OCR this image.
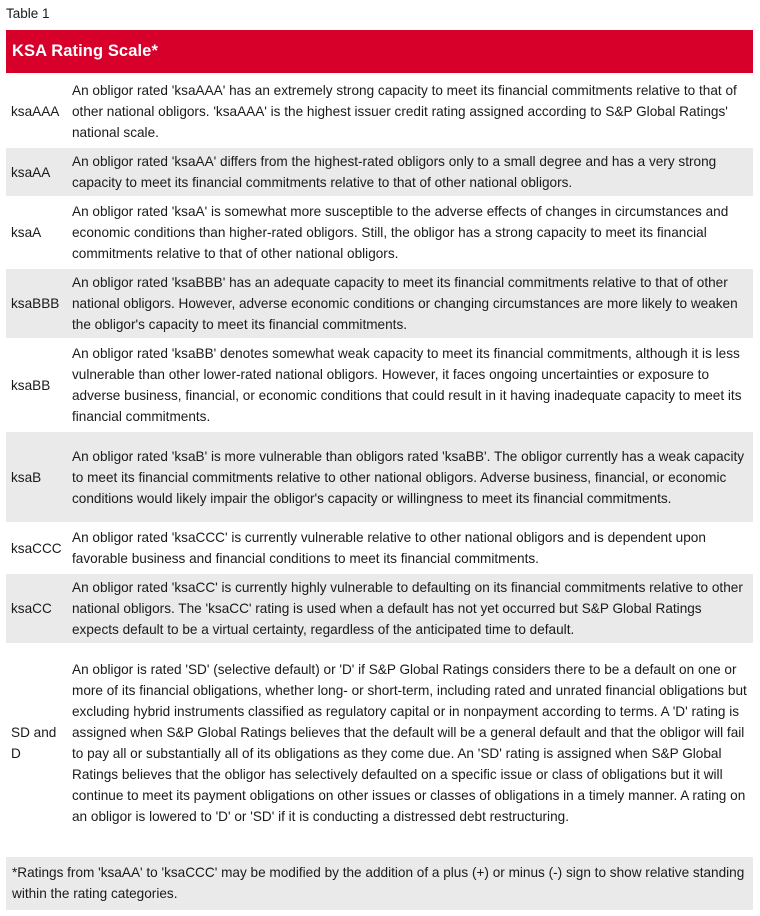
Table 1
KSA Rating Scale*
ksaAAA	An obligor rated 'ksaAAA' has an extremely strong capacity to meet its financial commitments relative to that of other national obligors. 'ksaAAA' is the highest issuer credit rating assigned according to S&P Global Ratings' national scale.
ksaAA	An obligor rated 'ksaAA' differs from the highest-rated obligors only to a small degree and has a very strong capacity to meet its financial commitments relative to that of other national obligors.
ksaA	An obligor rated 'ksaA' is somewhat more susceptible to the adverse effects of changes in circumstances and economic conditions than higher-rated obligors. Still, the obligor has a strong capacity to meet its financial commitments relative to that of other national obligors.
ksaBBB	An obligor rated 'ksaBBB' has an adequate capacity to meet its financial commitments relative to that of other national obligors. However, adverse economic conditions or changing circumstances are more likely to weaken the obligor's capacity to meet its financial commitments.
ksaBB	An obligor rated 'ksaBB' denotes somewhat weak capacity to meet its financial commitments, although it is less vulnerable than other lower-rated national obligors. However, it faces ongoing uncertainties or exposure to adverse business, financial, or economic conditions that could result in it having inadequate capacity to meet its financial commitments.
ksaB	An obligor rated 'ksaB' is more vulnerable than obligors rated 'ksaBB'. The obligor currently has a weak capacity to meet its financial commitments relative to other national obligors. Adverse business, financial, or economic conditions would likely impair the obligor's capacity or willingness to meet its financial commitments.
ksaCCC	An obligor rated 'ksaCCC' is currently vulnerable relative to other national obligors and is dependent upon favorable business and financial conditions to meet its financial commitments.
ksaCC	An obligor rated 'ksaCC' is currently highly vulnerable to defaulting on its financial commitments relative to other national obligors. The 'ksaCC' rating is used when a default has not yet occurred but S&P Global Ratings expects default to be a virtual certainty, regardless of the anticipated time to default.
SD and D	An obligor is rated 'SD' (selective default) or 'D' if S&P Global Ratings considers there to be a default on one or more of its financial obligations, whether long- or short-term, including rated and unrated financial obligations but excluding hybrid instruments classified as regulatory capital or in nonpayment according to terms. A 'D' rating is assigned when S&P Global Ratings believes that the default will be a general default and that the obligor will fail to pay all or substantially all of its obligations as they come due. An 'SD' rating is assigned when S&P Global Ratings believes that the obligor has selectively defaulted on a specific issue or class of obligations but it will continue to meet its payment obligations on other issues or classes of obligations in a timely manner. A rating on an obligor is lowered to 'D' or 'SD' if it is conducting a distressed debt restructuring.
*Ratings from 'ksaAA' to 'ksaCCC' may be modified by the addition of a plus (+) or minus (-) sign to show relative standing within the rating categories.
